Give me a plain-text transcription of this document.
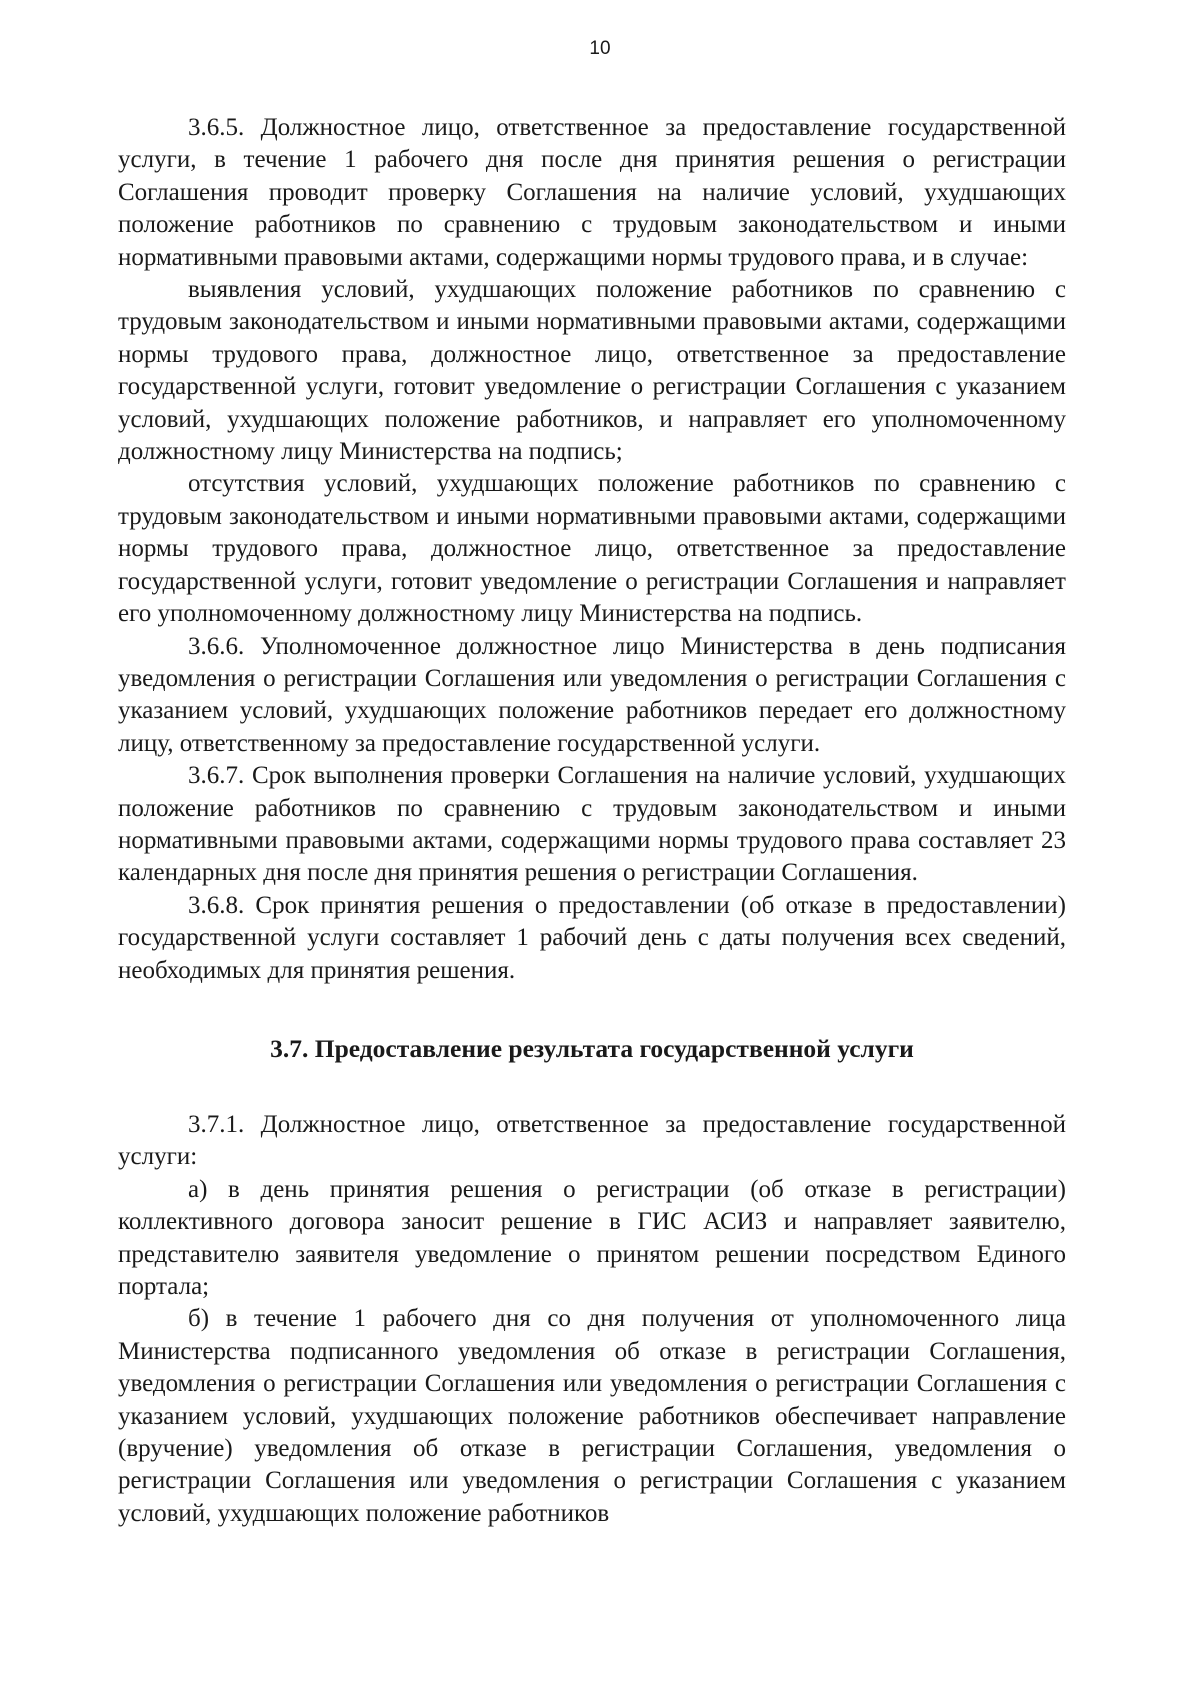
10

3.6.5. Должностное лицо, ответственное за предоставление государственной услуги, в течение 1 рабочего дня после дня принятия решения о регистрации Соглашения проводит проверку Соглашения на наличие условий, ухудшающих положение работников по сравнению с трудовым законодательством и иными нормативными правовыми актами, содержащими нормы трудового права, и в случае:

выявления условий, ухудшающих положение работников по сравнению с трудовым законодательством и иными нормативными правовыми актами, содержащими нормы трудового права, должностное лицо, ответственное за предоставление государственной услуги, готовит уведомление о регистрации Соглашения с указанием условий, ухудшающих положение работников, и направляет его уполномоченному должностному лицу Министерства на подпись;

отсутствия условий, ухудшающих положение работников по сравнению с трудовым законодательством и иными нормативными правовыми актами, содержащими нормы трудового права, должностное лицо, ответственное за предоставление государственной услуги, готовит уведомление о регистрации Соглашения и направляет его уполномоченному должностному лицу Министерства на подпись.

3.6.6. Уполномоченное должностное лицо Министерства в день подписания уведомления о регистрации Соглашения или уведомления о регистрации Соглашения с указанием условий, ухудшающих положение работников передает его должностному лицу, ответственному за предоставление государственной услуги.

3.6.7. Срок выполнения проверки Соглашения на наличие условий, ухудшающих положение работников по сравнению с трудовым законодательством и иными нормативными правовыми актами, содержащими нормы трудового права составляет 23 календарных дня после дня принятия решения о регистрации Соглашения.

3.6.8. Срок принятия решения о предоставлении (об отказе в предоставлении) государственной услуги составляет 1 рабочий день с даты получения всех сведений, необходимых для принятия решения.

3.7. Предоставление результата государственной услуги

3.7.1. Должностное лицо, ответственное за предоставление государственной услуги:

а) в день принятия решения о регистрации (об отказе в регистрации) коллективного договора заносит решение в ГИС АСИЗ и направляет заявителю, представителю заявителя уведомление о принятом решении посредством Единого портала;

б) в течение 1 рабочего дня со дня получения от уполномоченного лица Министерства подписанного уведомления об отказе в регистрации Соглашения, уведомления о регистрации Соглашения или уведомления о регистрации Соглашения с указанием условий, ухудшающих положение работников обеспечивает направление (вручение) уведомления об отказе в регистрации Соглашения, уведомления о регистрации Соглашения или уведомления о регистрации Соглашения с указанием условий, ухудшающих положение работников
